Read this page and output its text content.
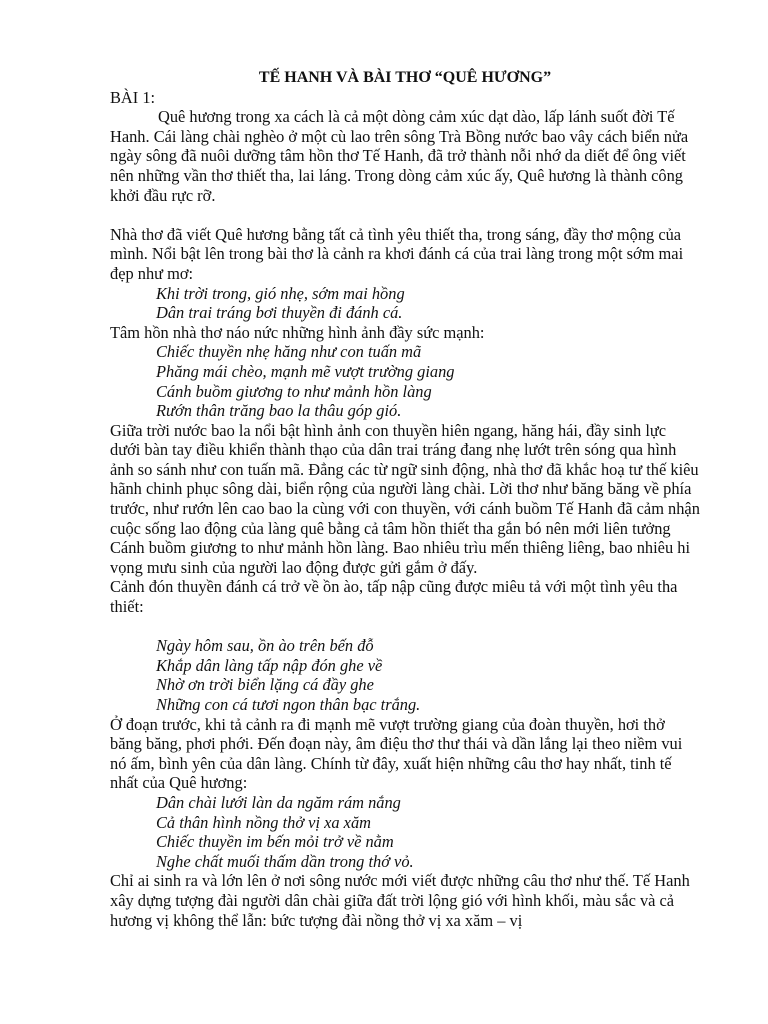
TẾ HANH VÀ BÀI THƠ “QUÊ HƯƠNG”

BÀI 1:

Quê hương trong xa cách là cả một dòng cảm xúc dạt dào, lấp lánh suốt đời Tế Hanh. Cái làng chài nghèo ở một cù lao trên sông Trà Bồng nước bao vây cách biển nửa ngày sông đã nuôi dưỡng tâm hồn thơ Tế Hanh, đã trở thành nỗi nhớ da diết để ông viết nên những vần thơ thiết tha, lai láng. Trong dòng cảm xúc ấy, Quê hương là thành công khởi đầu rực rỡ.

Nhà thơ đã viết Quê hương bằng tất cả tình yêu thiết tha, trong sáng, đầy thơ mộng của mình. Nổi bật lên trong bài thơ là cảnh ra khơi đánh cá của trai làng trong một sớm mai đẹp như mơ:

Khi trời trong, gió nhẹ, sớm mai hồng

Dân trai tráng bơi thuyền đi đánh cá.

Tâm hồn nhà thơ náo nức những hình ảnh đầy sức mạnh:

Chiếc thuyền nhẹ hăng như con tuấn mã

Phăng mái chèo, mạnh mẽ vượt trường giang

Cánh buồm giương to như mảnh hồn làng

Rướn thân trăng bao la thâu góp gió.

Giữa trời nước bao la nổi bật hình ảnh con thuyền hiên ngang, hăng hái, đầy sinh lực dưới bàn tay điều khiển thành thạo của dân trai tráng đang nhẹ lướt trên sóng qua hình ảnh so sánh như con tuấn mã. Đẳng các từ ngữ sinh động, nhà thơ đã khắc hoạ tư thế kiêu hãnh chinh phục sông dài, biển rộng của người làng chài. Lời thơ như băng băng về phía trước, như rướn lên cao bao la cùng với con thuyền, với cánh buồm Tế Hanh đã cảm nhận cuộc sống lao động của làng quê bằng cả tâm hồn thiết tha gắn bó nên mới liên tưởng Cánh buồm giương to như mảnh hồn làng. Bao nhiêu trìu mến thiêng liêng, bao nhiêu hi vọng mưu sinh của người lao động được gửi gắm ở đấy.

Cảnh đón thuyền đánh cá trở về ồn ào, tấp nập cũng được miêu tả với một tình yêu tha thiết:

Ngày hôm sau, ồn ào trên bến đỗ

Khắp dân làng tấp nập đón ghe về

Nhờ ơn trời biển lặng cá đầy ghe

Những con cá tươi ngon thân bạc trắng.

Ở đoạn trước, khi tả cảnh ra đi mạnh mẽ vượt trường giang của đoàn thuyền, hơi thở băng băng, phơi phới. Đến đoạn này, âm điệu thơ thư thái và dần lắng lại theo niềm vui nó ấm, bình yên của dân làng. Chính từ đây, xuất hiện những câu thơ hay nhất, tinh tế nhất của Quê hương:

Dân chài lưới làn da ngăm rám nắng

Cả thân hình nồng thở vị xa xăm

Chiếc thuyền im bến mỏi trở về nằm

Nghe chất muối thấm dần trong thớ vỏ.

Chỉ ai sinh ra và lớn lên ở nơi sông nước mới viết được những câu thơ như thế. Tế Hanh xây dựng tượng đài người dân chài giữa đất trời lộng gió với hình khối, màu sắc và cả hương vị không thể lẫn: bức tượng đài nồng thở vị xa xăm – vị
